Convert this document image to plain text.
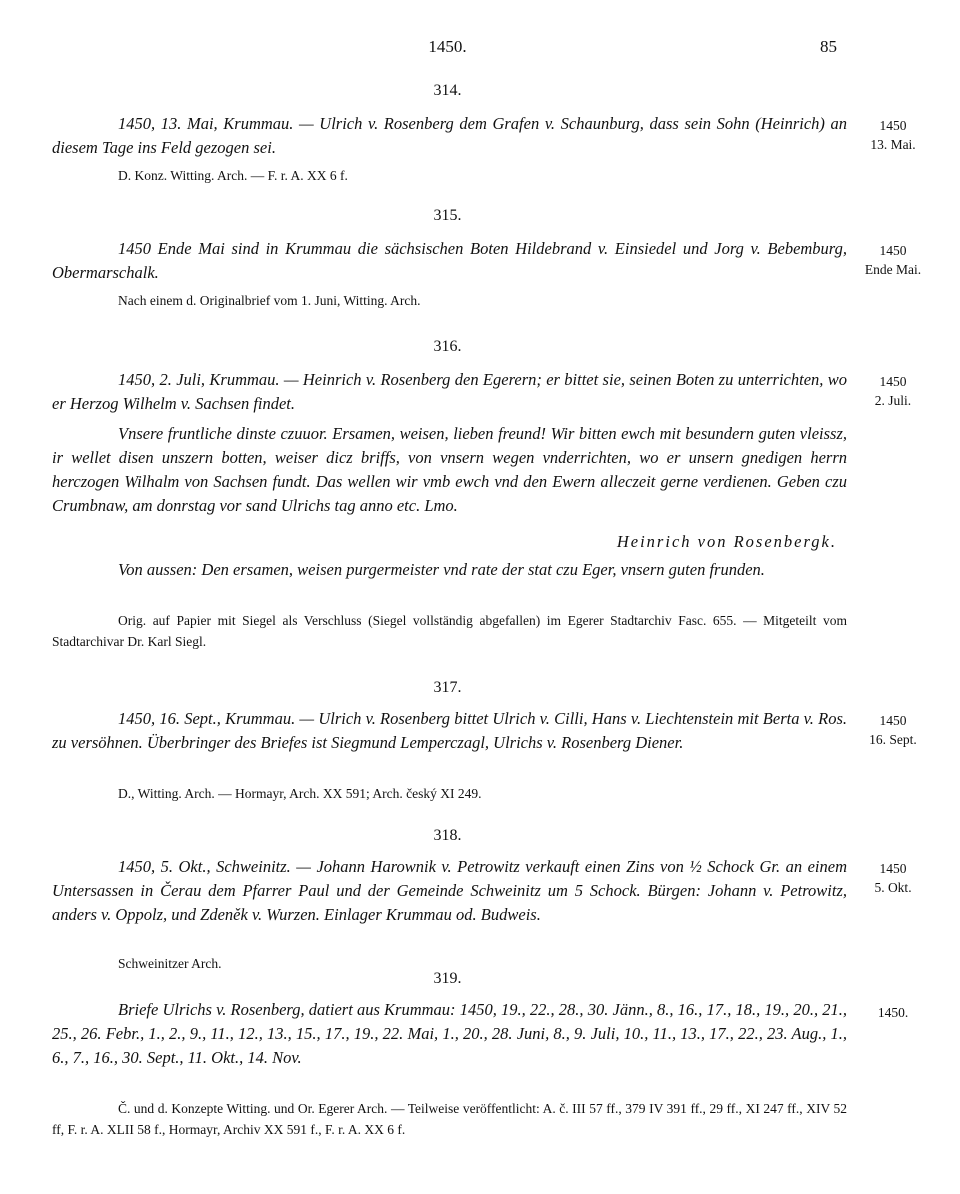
1450.	85
314.
1450, 13. Mai, Krummau. — Ulrich v. Rosenberg dem Grafen v. Schaunburg, dass sein Sohn (Heinrich) an diesem Tage ins Feld gezogen sei.
1450
13. Mai.
D. Konz. Witting. Arch. — F. r. A. XX 6 f.
315.
1450 Ende Mai sind in Krummau die sächsischen Boten Hildebrand v. Einsiedel und Jorg v. Bebemburg, Obermarschalk.
1450
Ende Mai.
Nach einem d. Originalbrief vom 1. Juni, Witting. Arch.
316.
1450, 2. Juli, Krummau. — Heinrich v. Rosenberg den Egerern; er bittet sie, seinen Boten zu unterrichten, wo er Herzog Wilhelm v. Sachsen findet.
1450
2. Juli.
Vnsere fruntliche dinste czuuor. Ersamen, weisen, lieben freund! Wir bitten ewch mit besundern guten vleissz, ir wellet disen unszern botten, weiser dicz briffs, von vnsern wegen vnderrichten, wo er unsern gnedigen herrn herczogen Wilhalm von Sachsen fundt. Das wellen wir vmb ewch vnd den Ewern alleczeit gerne verdienen. Geben czu Crumbnaw, am donrstag vor sand Ulrichs tag anno etc. Lmo.
Heinrich von Rosenbergk.
Von aussen: Den ersamen, weisen purgermeister vnd rate der stat czu Eger, vnsern guten frunden.
Orig. auf Papier mit Siegel als Verschluss (Siegel vollständig abgefallen) im Egerer Stadtarchiv Fasc. 655. — Mitgeteilt vom Stadtarchivar Dr. Karl Siegl.
317.
1450, 16. Sept., Krummau. — Ulrich v. Rosenberg bittet Ulrich v. Cilli, Hans v. Liechtenstein mit Berta v. Ros. zu versöhnen. Überbringer des Briefes ist Siegmund Lemperczagl, Ulrichs v. Rosenberg Diener.
1450
16. Sept.
D., Witting. Arch. — Hormayr, Arch. XX 591; Arch. český XI 249.
318.
1450, 5. Okt., Schweinitz. — Johann Harownik v. Petrowitz verkauft einen Zins von ½ Schock Gr. an einem Untersassen in Čerau dem Pfarrer Paul und der Gemeinde Schweinitz um 5 Schock. Bürgen: Johann v. Petrowitz, anders v. Oppolz, und Zdeněk v. Wurzen. Einlager Krummau od. Budweis.
1450
5. Okt.
Schweinitzer Arch.
319.
Briefe Ulrichs v. Rosenberg, datiert aus Krummau: 1450, 19., 22., 28., 30. Jänn., 8., 16., 17., 18., 19., 20., 21., 25., 26. Febr., 1., 2., 9., 11., 12., 13., 15., 17., 19., 22. Mai, 1., 20., 28. Juni, 8., 9. Juli, 10., 11., 13., 17., 22., 23. Aug., 1., 6., 7., 16., 30. Sept., 11. Okt., 14. Nov.
1450.
Č. und d. Konzepte Witting. und Or. Egerer Arch. — Teilweise veröffentlicht: A. č. III 57 ff., 379 IV 391 ff., 29 ff., XI 247 ff., XIV 52 ff, F. r. A. XLII 58 f., Hormayr, Archiv XX 591 f., F. r. A. XX 6 f.
